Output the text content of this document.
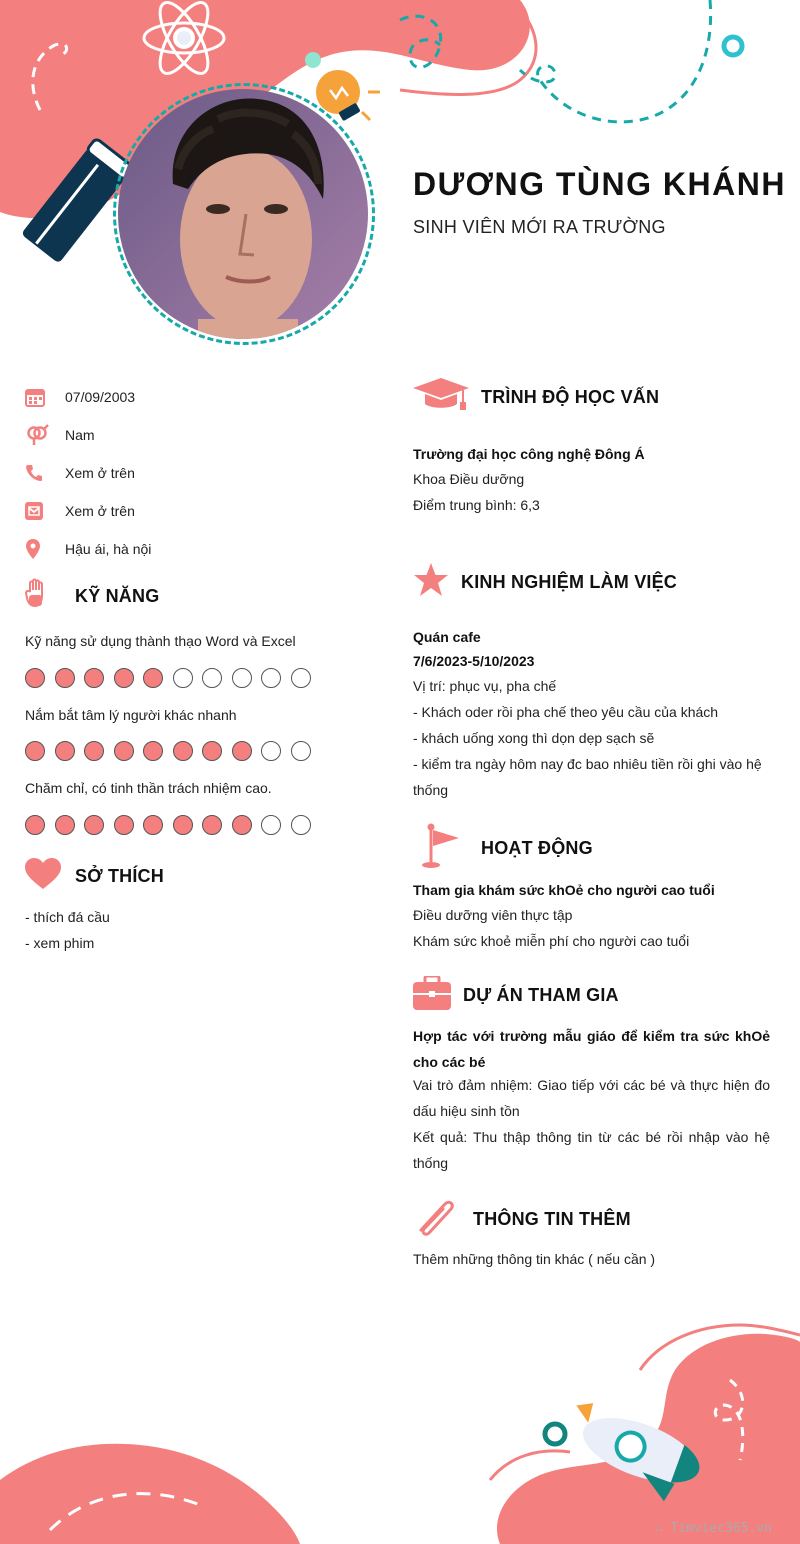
DƯƠNG TÙNG KHÁNH
SINH VIÊN MỚI RA TRƯỜNG
07/09/2003
Nam
Xem ở trên
Xem ở trên
Hậu ái, hà nội
KỸ NĂNG
Kỹ năng sử dụng thành thạo Word và Excel
Nắm bắt tâm lý người khác nhanh
Chăm chỉ, có tinh thần trách nhiệm cao.
SỞ THÍCH
- thích đá cầu
- xem phim
TRÌNH ĐỘ HỌC VẤN
Trường đại học công nghệ Đông Á
Khoa Điều dưỡng
Điểm trung bình: 6,3
KINH NGHIỆM LÀM VIỆC
Quán cafe
7/6/2023-5/10/2023
Vị trí: phục vụ, pha chế
- Khách oder rồi pha chế theo yêu cầu của khách
- khách uống xong thì dọn dẹp sạch sẽ
- kiểm tra ngày hôm nay đc bao nhiêu tiền rồi ghi vào hệ thống
HOẠT ĐỘNG
Tham gia khám sức khOẻ cho người cao tuổi
Điều dưỡng viên thực tập
Khám sức khoẻ miễn phí cho người cao tuổi
DỰ ÁN THAM GIA
Hợp tác với trường mẫu giáo để kiểm tra sức khOẻ cho các bé
Vai trò đảm nhiệm: Giao tiếp với các bé và thực hiện đo dấu hiệu sinh tồn
Kết quả: Thu thập thông tin từ các bé rồi nhập vào hệ thống
THÔNG TIN THÊM
Thêm những thông tin khác ( nếu cần )
∴ Timviec365.vn
